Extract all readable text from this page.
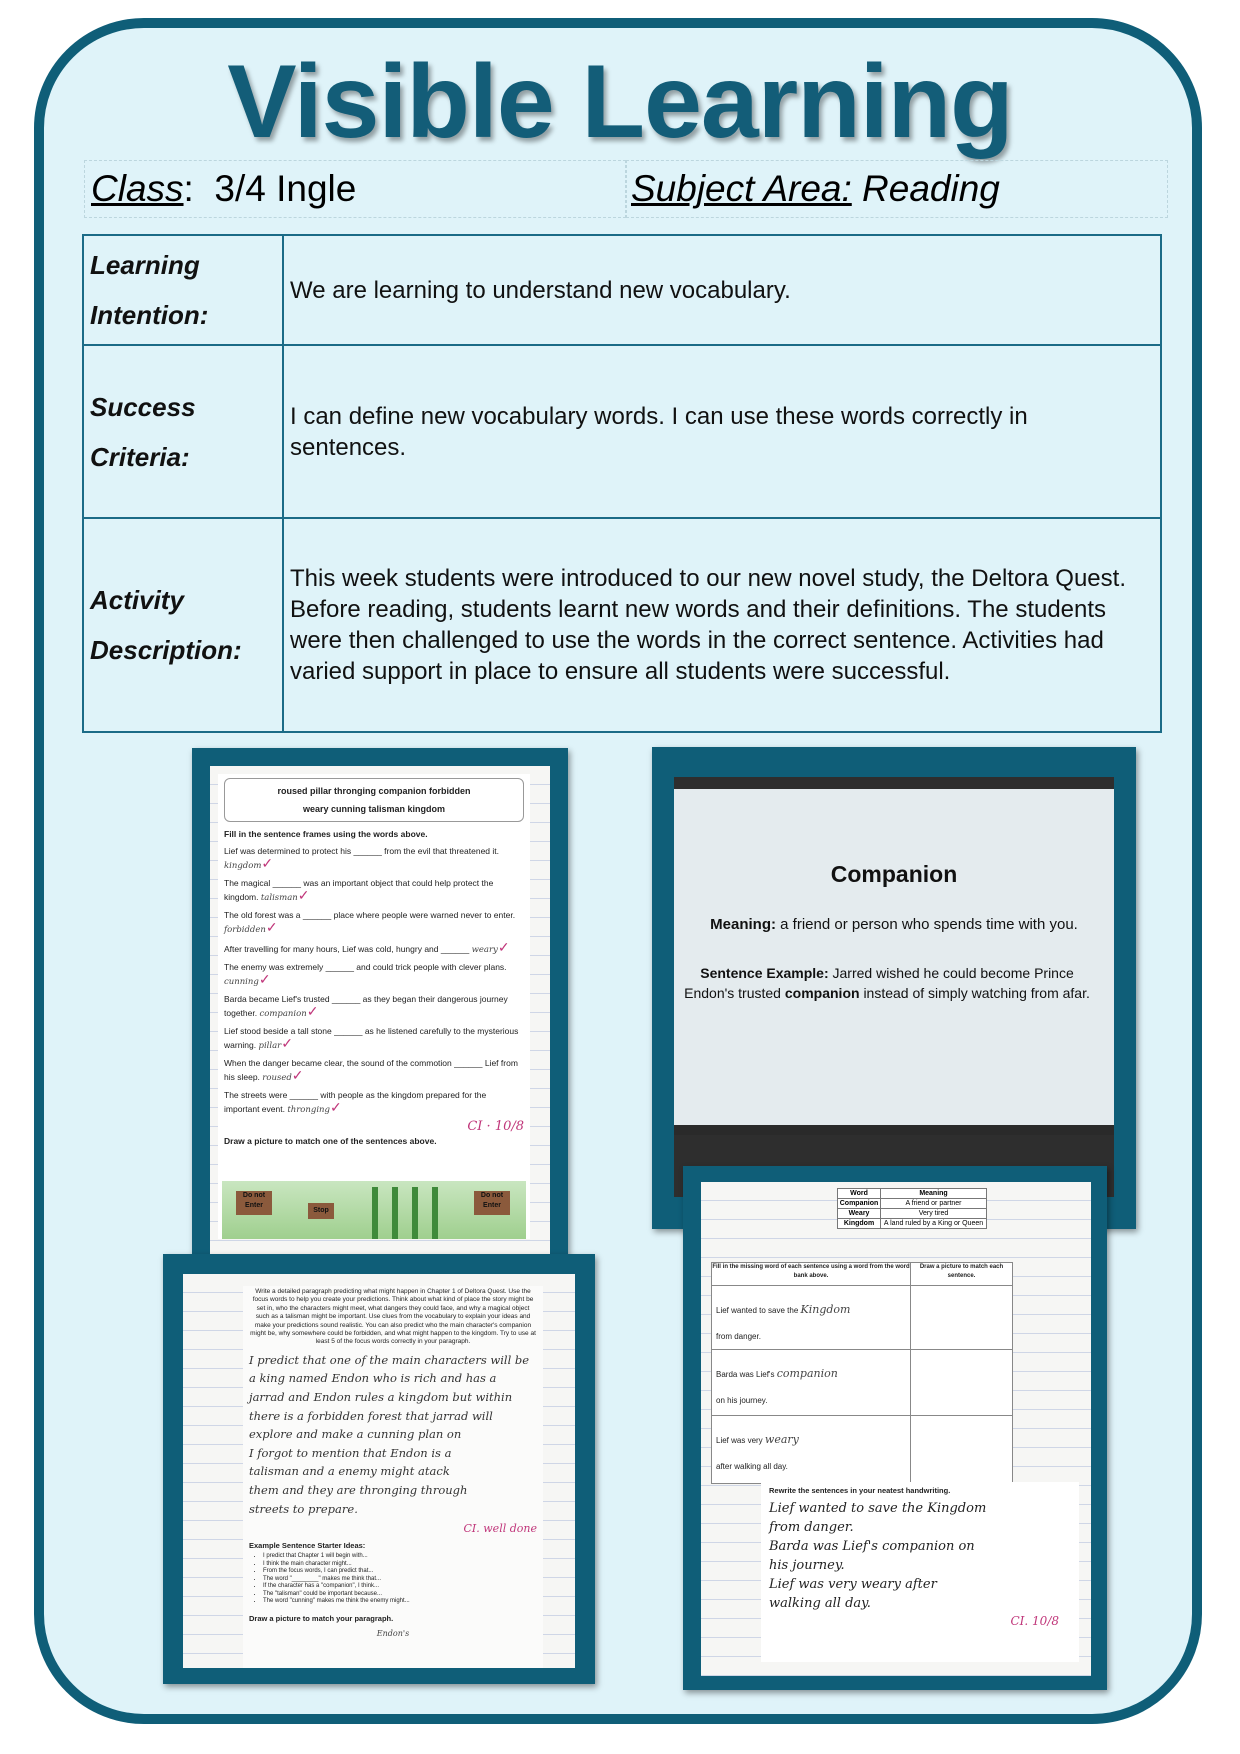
Visible Learning
Class: 3/4 Ingle	Subject Area: Reading
Learning
Intention:	We are learning to understand new vocabulary.
Success
Criteria:	I can define new vocabulary words. I can use these words correctly in sentences.
Activity
Description:	This week students were introduced to our new novel study, the Deltora Quest. Before reading, students learnt new words and their definitions. The students were then challenged to use the words in the correct sentence. Activities had varied support in place to ensure all students were successful.
roused pillar thronging companion forbidden
weary cunning talisman kingdom
Fill in the sentence frames using the words above.
Lief was determined to protect his ______ from the evil that threatened it. kingdom✓
The magical ______ was an important object that could help protect the kingdom. talisman✓
The old forest was a ______ place where people were warned never to enter. forbidden✓
After travelling for many hours, Lief was cold, hungry and ______ weary✓
The enemy was extremely ______ and could trick people with clever plans. cunning✓
Barda became Lief's trusted ______ as they began their dangerous journey together. companion✓
Lief stood beside a tall stone ______ as he listened carefully to the mysterious warning. pillar✓
When the danger became clear, the sound of the commotion ______ Lief from his sleep. roused✓
The streets were ______ with people as the kingdom prepared for the important event. thronging✓
CI · 10/8
Draw a picture to match one of the sentences above.
Do not Enter
Stop
Do not Enter
Companion
Meaning: a friend or person who spends time with you.
Sentence Example: Jarred wished he could become Prince Endon's trusted companion instead of simply watching from afar.
Write a detailed paragraph predicting what might happen in Chapter 1 of Deltora Quest. Use the focus words to help you create your predictions. Think about what kind of place the story might be set in, who the characters might meet, what dangers they could face, and why a magical object such as a talisman might be important. Use clues from the vocabulary to explain your ideas and make your predictions sound realistic. You can also predict who the main character's companion might be, why somewhere could be forbidden, and what might happen to the kingdom. Try to use at least 5 of the focus words correctly in your paragraph.
I predict that one of the main characters will be
a king named Endon who is rich and has a
jarrad and Endon rules a kingdom but within
there is a forbidden forest that jarrad will
explore and make a cunning plan on
I forgot to mention that Endon is a
talisman and a enemy might atack
them and they are thronging through
streets to prepare.
CI. well done
Example Sentence Starter Ideas:
• I predict that Chapter 1 will begin with...
• I think the main character might...
• From the focus words, I can predict that...
• The word "________" makes me think that...
• If the character has a "companion", I think...
• The "talisman" could be important because...
• The word "cunning" makes me think the enemy might...
Draw a picture to match your paragraph.
Endon's
Word	Meaning
Companion	A friend or partner
Weary	Very tired
Kingdom	A land ruled by a King or Queen
Fill in the missing word of each sentence using a word from the word bank above.
Draw a picture to match each sentence.
Lief wanted to save the Kingdom
from danger.
Barda was Lief's companion
on his journey.
Lief was very weary
after walking all day.
Rewrite the sentences in your neatest handwriting.
Lief wanted to save the Kingdom
from danger.
Barda was Lief's companion on
his journey.
Lief was very weary after
walking all day.
CI. 10/8
